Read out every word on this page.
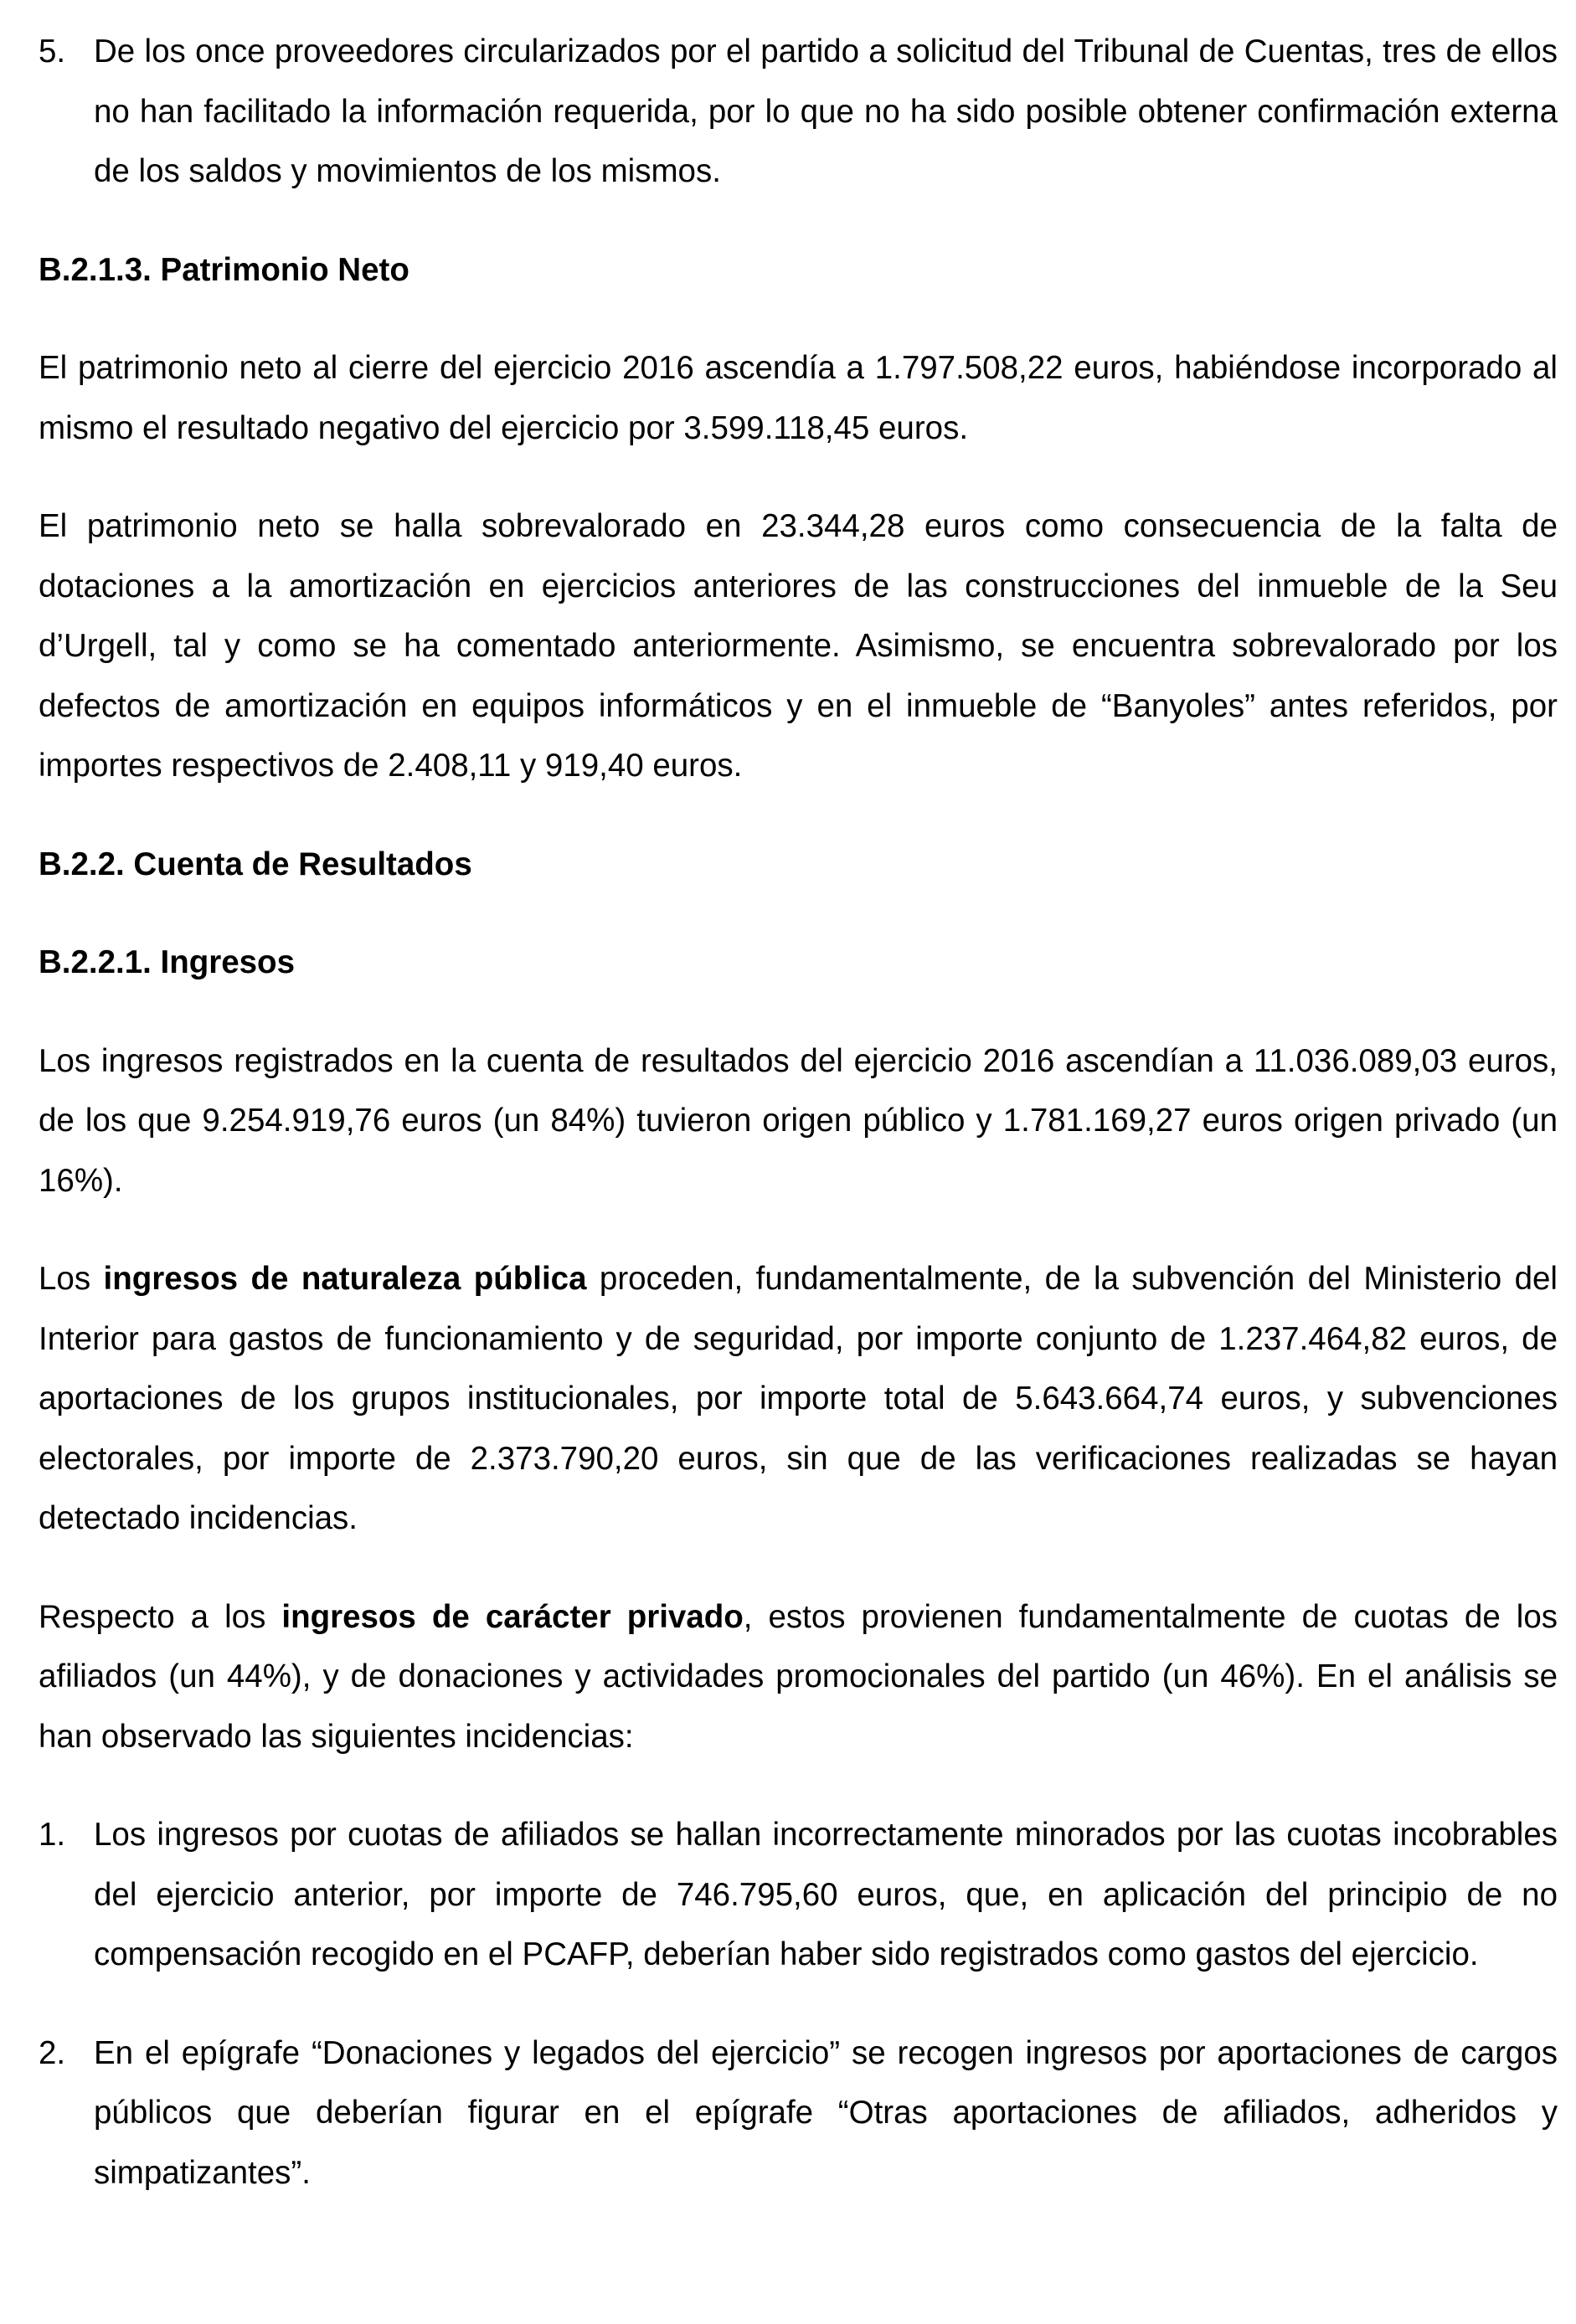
5. De los once proveedores circularizados por el partido a solicitud del Tribunal de Cuentas, tres de ellos no han facilitado la información requerida, por lo que no ha sido posible obtener confirmación externa de los saldos y movimientos de los mismos.

B.2.1.3. Patrimonio Neto

El patrimonio neto al cierre del ejercicio 2016 ascendía a 1.797.508,22 euros, habiéndose incorporado al mismo el resultado negativo del ejercicio por 3.599.118,45 euros.

El patrimonio neto se halla sobrevalorado en 23.344,28 euros como consecuencia de la falta de dotaciones a la amortización en ejercicios anteriores de las construcciones del inmueble de la Seu d’Urgell, tal y como se ha comentado anteriormente. Asimismo, se encuentra sobrevalorado por los defectos de amortización en equipos informáticos y en el inmueble de “Banyoles” antes referidos, por importes respectivos de 2.408,11 y 919,40 euros.

B.2.2. Cuenta de Resultados

B.2.2.1. Ingresos

Los ingresos registrados en la cuenta de resultados del ejercicio 2016 ascendían a 11.036.089,03 euros, de los que 9.254.919,76 euros (un 84%) tuvieron origen público y 1.781.169,27 euros origen privado (un 16%).

Los ingresos de naturaleza pública proceden, fundamentalmente, de la subvención del Ministerio del Interior para gastos de funcionamiento y de seguridad, por importe conjunto de 1.237.464,82 euros, de aportaciones de los grupos institucionales, por importe total de 5.643.664,74 euros, y subvenciones electorales, por importe de 2.373.790,20 euros, sin que de las verificaciones realizadas se hayan detectado incidencias.

Respecto a los ingresos de carácter privado, estos provienen fundamentalmente de cuotas de los afiliados (un 44%), y de donaciones y actividades promocionales del partido (un 46%). En el análisis se han observado las siguientes incidencias:

1. Los ingresos por cuotas de afiliados se hallan incorrectamente minorados por las cuotas incobrables del ejercicio anterior, por importe de 746.795,60 euros, que, en aplicación del principio de no compensación recogido en el PCAFP, deberían haber sido registrados como gastos del ejercicio.
2. En el epígrafe “Donaciones y legados del ejercicio” se recogen ingresos por aportaciones de cargos públicos que deberían figurar en el epígrafe “Otras aportaciones de afiliados, adheridos y simpatizantes”.
